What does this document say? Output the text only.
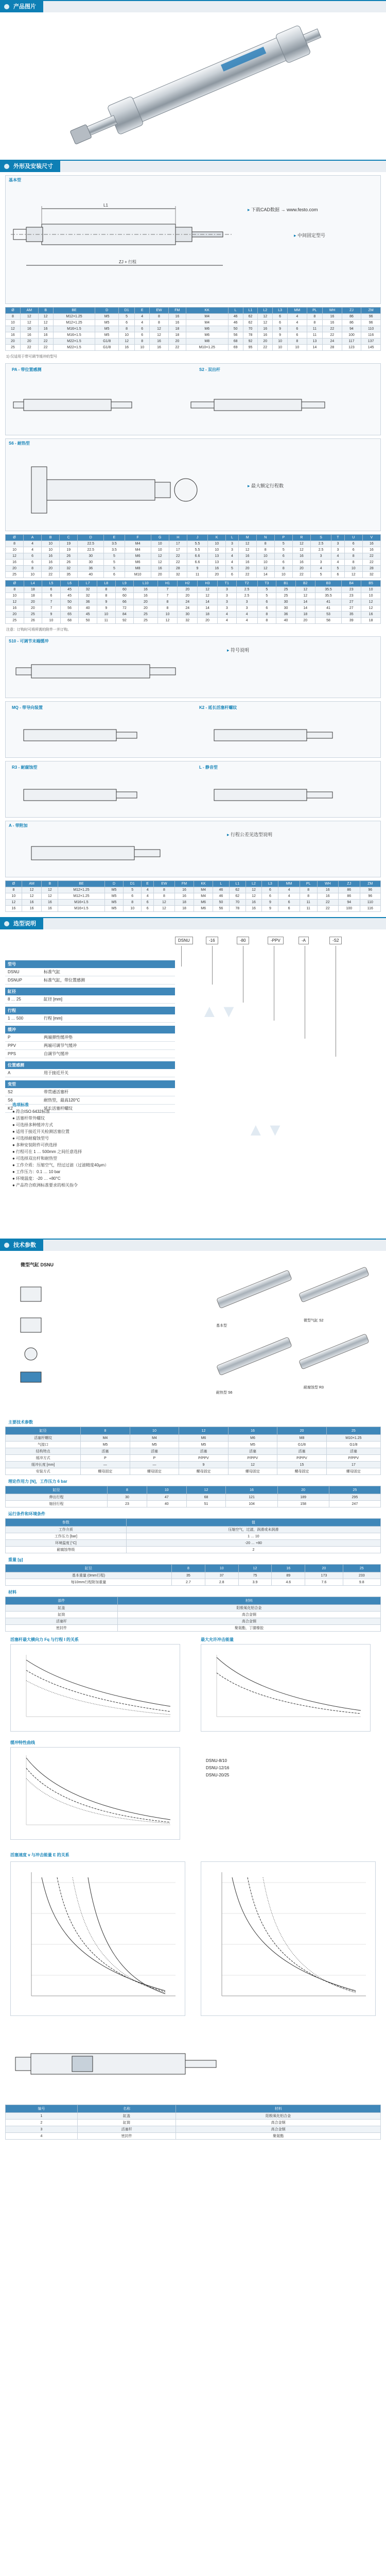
产品图片
外形及安装尺寸
基本型
L1
ZJ + 行程
▸ 下载CAD数据 → www.festo.com
▸ 中间固定型号
Ø	AM	B	BE	D	D1	E	EW	FM	KK	L	L1	L2	L3	MM	PL	WH	ZJ	ZM
8	12	12	M12×1.25	M5	5	4	8	16	M4	46	62	12	6	4	8	16	86	96
10	12	12	M12×1.25	M5	6	4	8	16	M4	46	62	12	6	4	8	16	86	96
12	16	16	M16×1.5	M5	8	6	12	18	M6	50	70	16	9	6	11	22	94	110
16	16	16	M16×1.5	M5	10	6	12	18	M6	56	78	16	9	6	11	22	100	116
20	20	22	M22×1.5	G1/8	12	8	16	20	M8	68	92	20	10	8	13	24	117	137
25	22	22	M22×1.5	G1/8	16	10	16	22	M10×1.25	69	95	22	10	10	14	28	123	145
1) 仅适用于带可调节缓冲的型号
PA - 带位置感测	S2 - 双出杆
S6 - 耐热型
▸ 最大额定行程数
Ø	A	B	C	D	E	F	G	H	J	K	L	M	N	P	R	S	T	U	V
8	4	10	19	22.5	3.5	M4	10	17	5.5	10	3	12	8	5	12	2.5	3	6	16
10	4	10	19	22.5	3.5	M4	10	17	5.5	10	3	12	8	5	12	2.5	3	6	16
12	6	16	26	30	5	M6	12	22	6.6	13	4	16	10	6	16	3	4	8	22
16	6	16	26	30	5	M6	12	22	6.6	13	4	16	10	6	16	3	4	8	22
20	8	20	32	36	5	M8	16	28	9	16	5	20	12	8	20	4	5	10	28
25	10	22	35	40	6	M10	20	32	11	20	6	22	14	10	22	5	6	12	32
Ø	L4	L5	L6	L7	L8	L9	L10	H1	H2	H3	T1	T2	T3	B1	B2	B3	B4	B5
8	18	6	45	32	8	60	16	7	20	12	3	2.5	5	25	12	35.5	23	10
10	18	6	45	32	8	60	16	7	20	12	3	2.5	5	25	12	35.5	23	10
12	20	7	50	36	9	66	20	8	24	14	3	3	6	30	14	41	27	12
16	20	7	56	40	9	72	20	8	24	14	3	3	6	30	14	41	27	12
20	25	9	65	45	10	84	25	10	30	18	4	4	8	36	18	53	35	16
25	26	10	68	50	11	92	25	12	32	20	4	4	8	40	20	58	39	18
注意：订购时可将所需的附件一并订购。
S10 - 可调节末端缓冲
▸ 符号说明
MQ - 带导向装置	K2 - 延长活塞杆螺纹
R3 - 耐腐蚀型	L - 静音型
A - 带附加
▸ 行程公差见选型说明
Ø	AM	B	BE	D	D1	E	EW	FM	KK	L	L1	L2	L3	MM	PL	WH	ZJ	ZM
8	12	12	M12×1.25	M5	5	4	8	16	M4	46	62	12	6	4	8	16	86	96
10	12	12	M12×1.25	M5	6	4	8	16	M4	46	62	12	6	4	8	16	86	96
12	16	16	M16×1.5	M5	8	6	12	18	M6	50	70	16	9	6	11	22	94	110
16	16	16	M16×1.5	M5	10	6	12	18	M6	56	78	16	9	6	11	22	100	116
选型说明
▲▼
▲▼
DSNU	-16	-80	-PPV	-A	-S2
型号	
DSNU	标准气缸
DSNUP	标准气缸，带位置感测
缸径
8 … 25	缸径 [mm]
行程
1 … 500	行程 [mm]
缓冲	
P	两端弹性缓冲垫
PPV	两端可调节气缓冲
PPS	自调节气缓冲
位置感测
A	用于接近开关
变型	
S2	带贯通活塞杆
S6	耐热型，最高120°C
K2	延长活塞杆螺纹
选项标准
● 符合ISO 6432标准
● 活塞杆带外螺纹
● 可选择多种缓冲方式
● 适用于接近开关检测活塞位置
● 可选择耐腐蚀型号
● 多种安装附件可供选择
● 行程可在 1 … 500mm 之间任意选择
● 可选择双出杆和耐热型
● 工作介质：压缩空气，经过过滤（过滤精度40μm）
● 工作压力：0.1 … 10 bar
● 环境温度：-20 … +80°C
● 产品符合欧洲标准要求的相关指令
技术参数
微型气缸 DSNU
基本型
微型气缸 S2
耐热型 S6
耐腐蚀型 R3
主要技术参数
缸径	8	10	12	16	20	25
活塞杆螺纹	M4	M4	M6	M6	M8	M10×1.25
气接口	M5	M5	M5	M5	G1/8	G1/8
结构特点	活塞	活塞	活塞	活塞	活塞	活塞
缓冲方式	P	P	P/PPV	P/PPV	P/PPV	P/PPV
缓冲长度 [mm]	—	—	9	12	15	17
安装方式	螺母固定	螺母固定	螺母固定	螺母固定	螺母固定	螺母固定
理论作用力 [N]，工作压力 6 bar
缸径	8	10	12	16	20	25
伸出行程	30	47	68	121	189	295
缩回行程	23	40	51	104	158	247
运行条件和环境条件
参数	值
工作介质	压缩空气，过滤，润滑或未润滑
工作压力 [bar]	1 … 10
环境温度 [°C]	-20 … +80
耐腐蚀等级	2
重量 [g]
缸径	8	10	12	16	20	25
基本重量 (0mm行程)	35	37	75	89	173	233
每10mm行程附加重量	2.7	2.8	3.9	4.6	7.6	9.8
材料
部件	材料
缸盖	阳极氧化铝合金
缸筒	高合金钢
活塞杆	高合金钢
密封件	聚氨酯，丁腈橡胶
活塞杆最大横向力 Fq 与行程 l 的关系	最大允许冲击能量
缓冲特性曲线
DSNU-8/10
DSNU-12/16
DSNU-20/25
活塞速度 v 与冲击能量 E 的关系
编号	名称	材料
1	缸盖	阳极氧化铝合金
2	缸筒	高合金钢
3	活塞杆	高合金钢
4	密封件	聚氨酯
